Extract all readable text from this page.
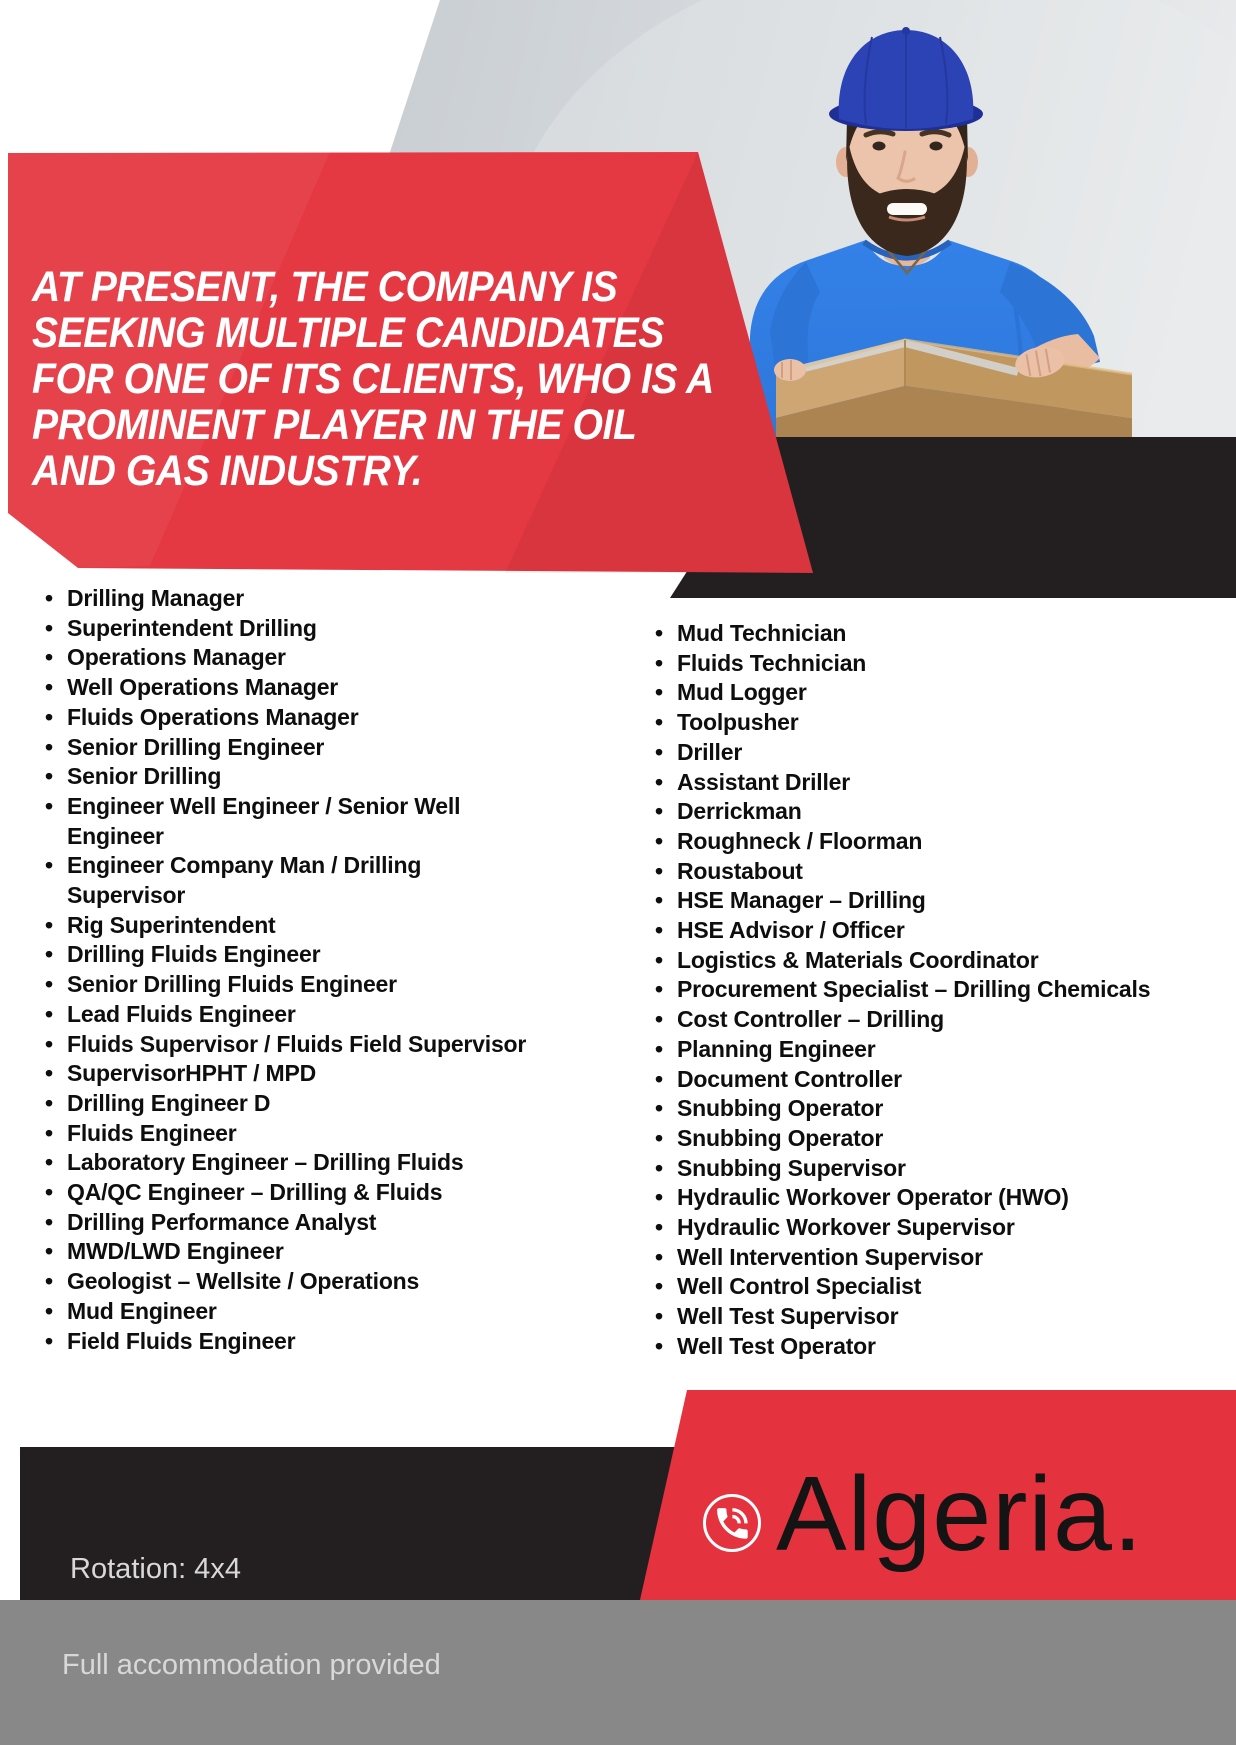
AT PRESENT, THE COMPANY IS
SEEKING MULTIPLE CANDIDATES
FOR ONE OF ITS CLIENTS, WHO IS A
PROMINENT PLAYER IN THE OIL
AND GAS INDUSTRY.
• Drilling Manager
• Superintendent Drilling
• Operations Manager
• Well Operations Manager
• Fluids Operations Manager
• Senior Drilling Engineer
• Senior Drilling
• Engineer Well Engineer / Senior Well Engineer
• Engineer Company Man / Drilling Supervisor
• Rig Superintendent
• Drilling Fluids Engineer
• Senior Drilling Fluids Engineer
• Lead Fluids Engineer
• Fluids Supervisor / Fluids Field Supervisor
• SupervisorHPHT / MPD
• Drilling Engineer D
• Fluids Engineer
• Laboratory Engineer – Drilling Fluids
• QA/QC Engineer – Drilling & Fluids
• Drilling Performance Analyst
• MWD/LWD Engineer
• Geologist – Wellsite / Operations
• Mud Engineer
• Field Fluids Engineer
• Mud Technician
• Fluids Technician
• Mud Logger
• Toolpusher
• Driller
• Assistant Driller
• Derrickman
• Roughneck / Floorman
• Roustabout
• HSE Manager – Drilling
• HSE Advisor / Officer
• Logistics & Materials Coordinator
• Procurement Specialist – Drilling Chemicals
• Cost Controller – Drilling
• Planning Engineer
• Document Controller
• Snubbing Operator
• Snubbing Operator
• Snubbing Supervisor
• Hydraulic Workover Operator (HWO)
• Hydraulic Workover Supervisor
• Well Intervention Supervisor
• Well Control Specialist
• Well Test Supervisor
• Well Test Operator

Rotation: 4x4

Full accommodation provided

Algeria.
